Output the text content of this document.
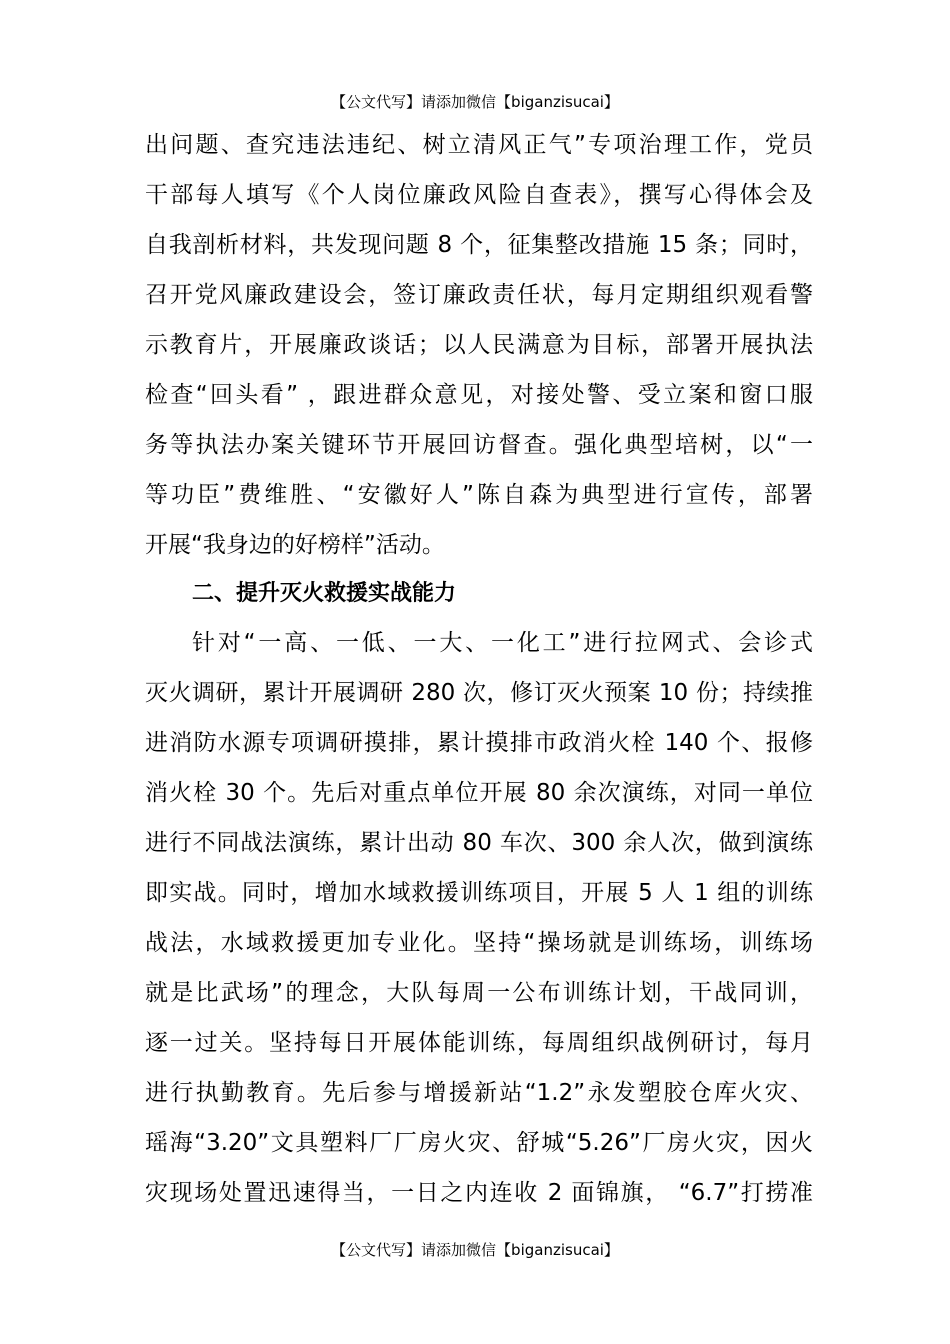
【公文代写】请添加微信【biganzisucai】
出问题、查究违法违纪、树立清风正气”专项治理工作，党员
干部每人填写《个人岗位廉政风险自查表》，撰写心得体会及
自我剖析材料，共发现问题 8 个，征集整改措施 15 条；同时，
召开党风廉政建设会，签订廉政责任状，每月定期组织观看警
示教育片，开展廉政谈话；以人民满意为目标，部署开展执法
检查“回头看” ，跟进群众意见，对接处警、受立案和窗口服
务等执法办案关键环节开展回访督查。强化典型培树，以“一
等功臣”费维胜、“安徽好人”陈自森为典型进行宣传，部署
开展“我身边的好榜样”活动。
二、提升灭火救援实战能力
针对“一高、一低、一大、一化工”进行拉网式、会诊式
灭火调研，累计开展调研 280 次，修订灭火预案 10 份；持续推
进消防水源专项调研摸排，累计摸排市政消火栓 140 个、报修
消火栓 30 个。先后对重点单位开展 80 余次演练，对同一单位
进行不同战法演练，累计出动 80 车次、300 余人次，做到演练
即实战。同时，增加水域救援训练项目，开展 5 人 1 组的训练
战法，水域救援更加专业化。坚持“操场就是训练场，训练场
就是比武场”的理念，大队每周一公布训练计划，干战同训，
逐一过关。坚持每日开展体能训练，每周组织战例研讨，每月
进行执勤教育。先后参与增援新站“1.2”永发塑胶仓库火灾、
瑶海“3.20”文具塑料厂厂房火灾、舒城“5.26”厂房火灾，因火
灾现场处置迅速得当，一日之内连收 2 面锦旗， “6.7”打捞准
【公文代写】请添加微信【biganzisucai】
